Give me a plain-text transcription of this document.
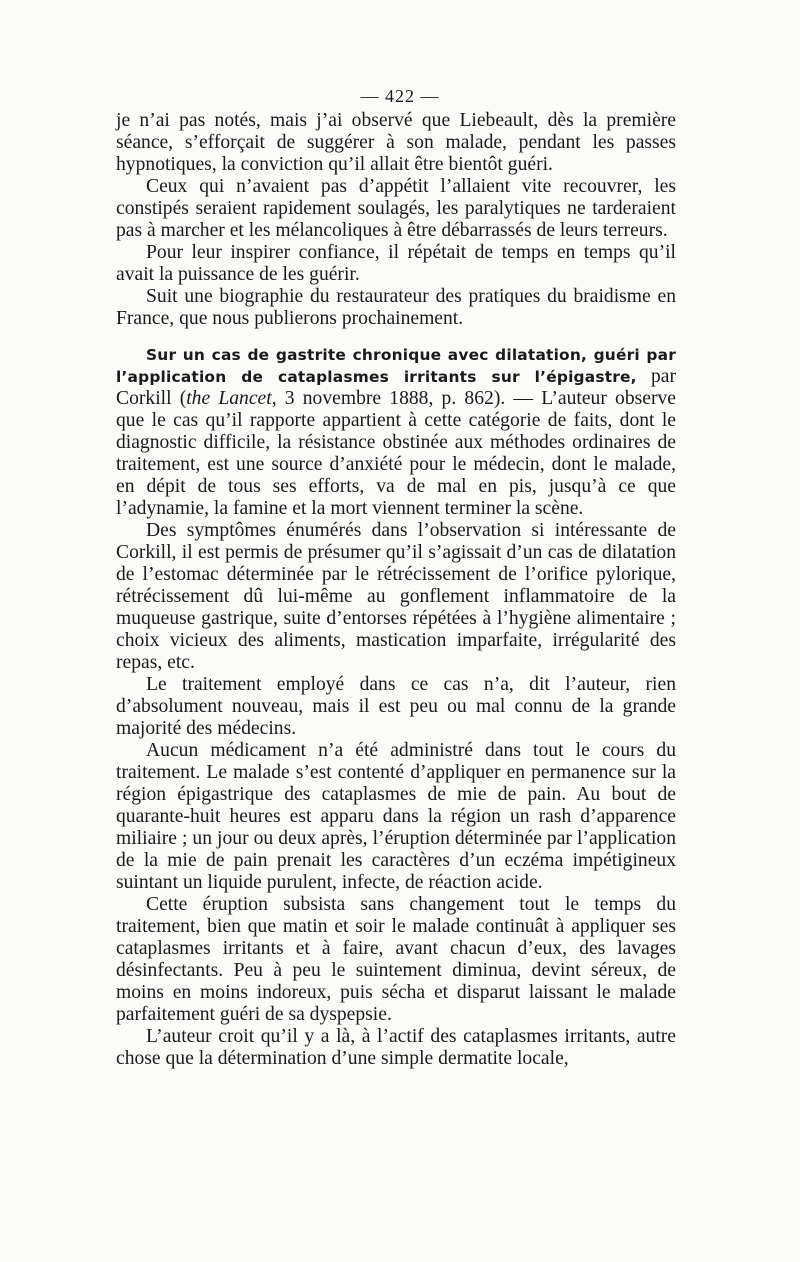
— 422 —

je n’ai pas notés, mais j’ai observé que Liebeault, dès la première séance, s’efforçait de suggérer à son malade, pendant les passes hypnotiques, la conviction qu’il allait être bientôt guéri.

Ceux qui n’avaient pas d’appétit l’allaient vite recouvrer, les constipés seraient rapidement soulagés, les paralytiques ne tarderaient pas à marcher et les mélancoliques à être débarrassés de leurs terreurs.

Pour leur inspirer confiance, il répétait de temps en temps qu’il avait la puissance de les guérir.

Suit une biographie du restaurateur des pratiques du braidisme en France, que nous publierons prochainement.

Sur un cas de gastrite chronique avec dilatation, guéri par l’application de cataplasmes irritants sur l’épigastre, par Corkill (the Lancet, 3 novembre 1888, p. 862). — L’auteur observe que le cas qu’il rapporte appartient à cette catégorie de faits, dont le diagnostic difficile, la résistance obstinée aux méthodes ordinaires de traitement, est une source d’anxiété pour le médecin, dont le malade, en dépit de tous ses efforts, va de mal en pis, jusqu’à ce que l’adynamie, la famine et la mort viennent terminer la scène.

Des symptômes énumérés dans l’observation si intéressante de Corkill, il est permis de présumer qu’il s’agissait d’un cas de dilatation de l’estomac déterminée par le rétrécissement de l’orifice pylorique, rétrécissement dû lui-même au gonflement inflammatoire de la muqueuse gastrique, suite d’entorses répétées à l’hygiène alimentaire ; choix vicieux des aliments, mastication imparfaite, irrégularité des repas, etc.

Le traitement employé dans ce cas n’a, dit l’auteur, rien d’absolument nouveau, mais il est peu ou mal connu de la grande majorité des médecins.

Aucun médicament n’a été administré dans tout le cours du traitement. Le malade s’est contenté d’appliquer en permanence sur la région épigastrique des cataplasmes de mie de pain. Au bout de quarante-huit heures est apparu dans la région un rash d’apparence miliaire ; un jour ou deux après, l’éruption déterminée par l’application de la mie de pain prenait les caractères d’un eczéma impétigineux suintant un liquide purulent, infecte, de réaction acide.

Cette éruption subsista sans changement tout le temps du traitement, bien que matin et soir le malade continuât à appliquer ses cataplasmes irritants et à faire, avant chacun d’eux, des lavages désinfectants. Peu à peu le suintement diminua, devint séreux, de moins en moins indoreux, puis sécha et disparut laissant le malade parfaitement guéri de sa dyspepsie.

L’auteur croit qu’il y a là, à l’actif des cataplasmes irritants, autre chose que la détermination d’une simple dermatite locale,
